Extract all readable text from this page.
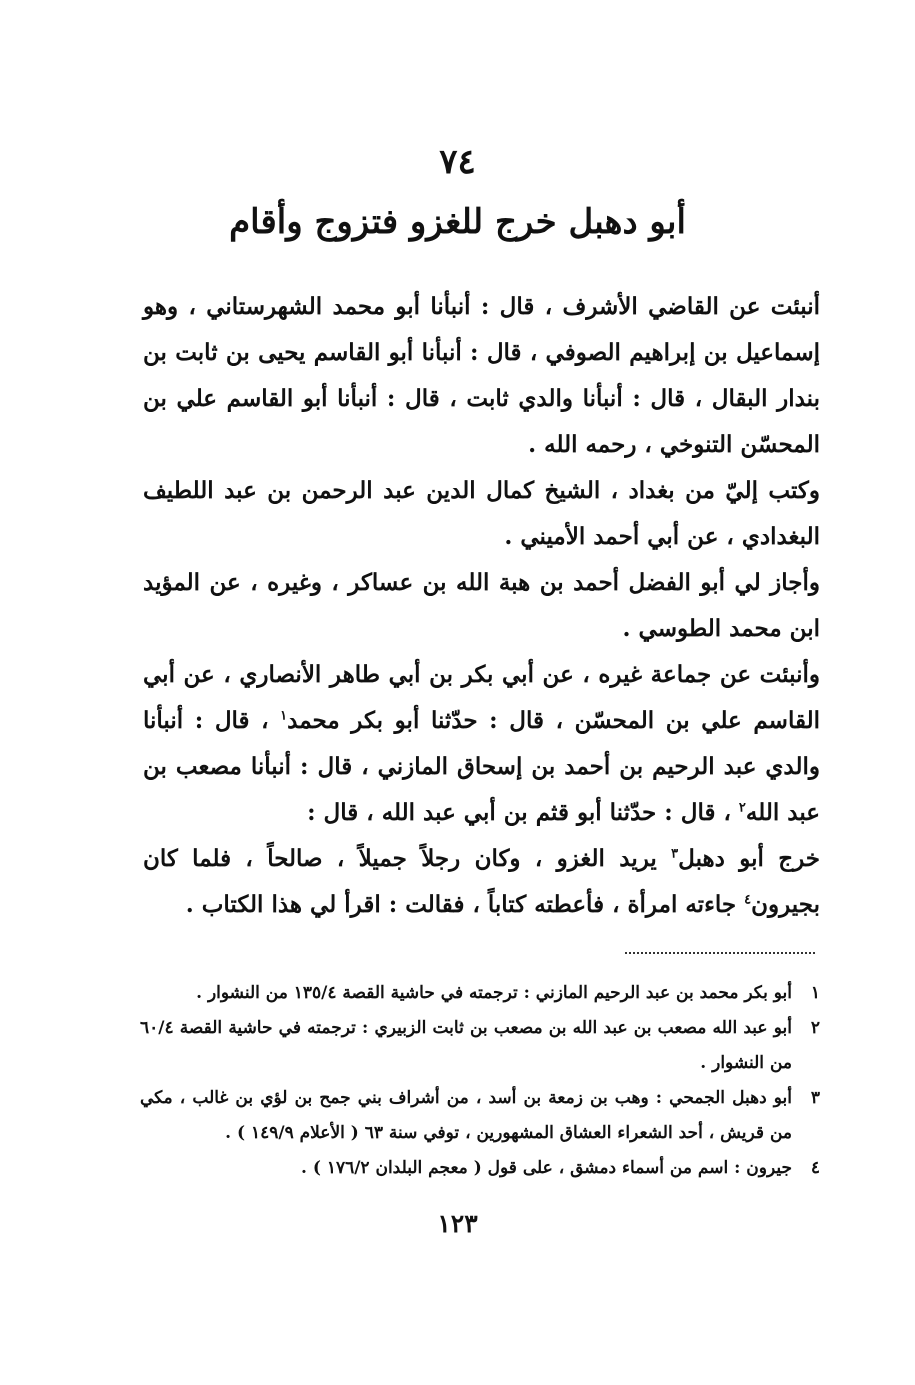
٧٤
أبو دهبل خرج للغزو فتزوج وأقام

أنبئت عن القاضي الأشرف ، قال : أنبأنا أبو محمد الشهرستاني ، وهو إسماعيل بن إبراهيم الصوفي ، قال : أنبأنا أبو القاسم يحيى بن ثابت بن بندار البقال ، قال : أنبأنا والدي ثابت ، قال : أنبأنا أبو القاسم علي بن المحسّن التنوخي ، رحمه الله .

وكتب إليّ من بغداد ، الشيخ كمال الدين عبد الرحمن بن عبد اللطيف البغدادي ، عن أبي أحمد الأميني .

وأجاز لي أبو الفضل أحمد بن هبة الله بن عساكر ، وغيره ، عن المؤيد ابن محمد الطوسي .

وأنبئت عن جماعة غيره ، عن أبي بكر بن أبي طاهر الأنصاري ، عن أبي القاسم علي بن المحسّن ، قال : حدّثنا أبو بكر محمد$^١$ ، قال : أنبأنا والدي عبد الرحيم بن أحمد بن إسحاق المازني ، قال : أنبأنا مصعب بن عبد الله$^٢$ ، قال : حدّثنا أبو قثم بن أبي عبد الله ، قال :

خرج أبو دهبل$^٣$ يريد الغزو ، وكان رجلاً جميلاً ، صالحاً ، فلما كان بجيرون$^٤$ جاءته امرأة ، فأعطته كتاباً ، فقالت : اقرأ لي هذا الكتاب .

١
أبو بكر محمد بن عبد الرحيم المازني : ترجمته في حاشية القصة ١٣٥/٤ من النشوار .
٢
أبو عبد الله مصعب بن عبد الله بن مصعب بن ثابت الزبيري : ترجمته في حاشية القصة ٦٠/٤ من النشوار .
٣
أبو دهبل الجمحي : وهب بن زمعة بن أسد ، من أشراف بني جمح بن لؤي بن غالب ، مكي من قريش ، أحد الشعراء العشاق المشهورين ، توفي سنة ٦٣ ( الأعلام ١٤٩/٩ ) .
٤
جيرون : اسم من أسماء دمشق ، على قول ( معجم البلدان ١٧٦/٢ ) .
١٢٣
